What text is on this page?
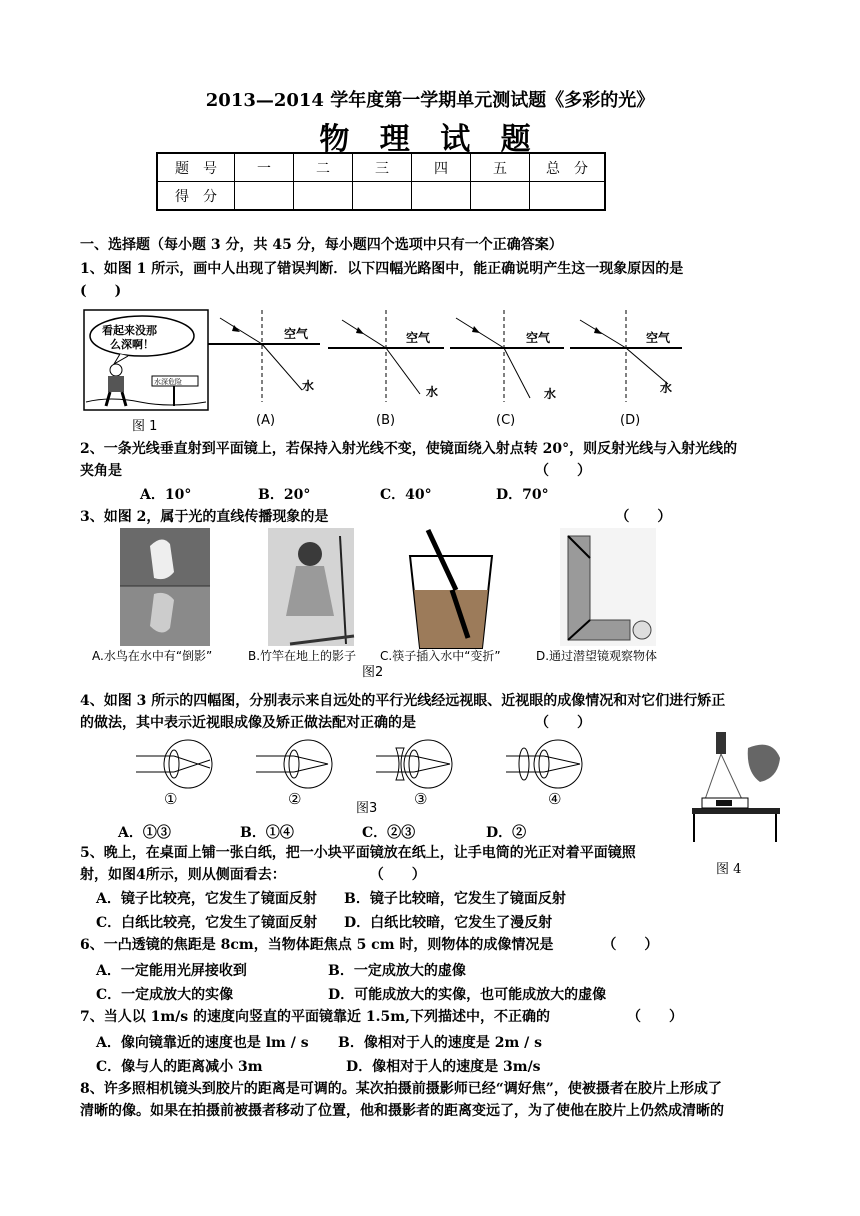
2013—2014 学年度第一学期单元测试题《多彩的光》
物 理 试 题
题　号	一	二	三	四	五	总　分
得　分						
一、选择题（每小题 3 分，共 45 分，每小题四个选项中只有一个正确答案）
1、如图 1 所示，画中人出现了错误判断．以下四幅光路图中，能正确说明产生这一现象原因的是
(　　)
看起来没那
么深啊！
水深危险
图 1
空气
水
(A)
空气
水
(B)
空气
水
(C)
空气
水
(D)
2、一条光线垂直射到平面镜上，若保持入射光线不变，使镜面绕入射点转 20°，则反射光线与入射光线的
夹角是　　　　　　　　　　　　　　　　　　　　　　　　　　　　　　（　　）
A．10°	B．20°	C．40°	D．70°
3、如图 2，属于光的直线传播现象的是　　　　　　　　　　　　　　　　　　　　　（　　）
A.水鸟在水中有“倒影”	B.竹竿在地上的影子 C.筷子插入水中“变折”	D.通过潜望镜观察物体
图2
4、如图 3 所示的四幅图，分别表示来自远处的平行光线经远视眼、近视眼的成像情况和对它们进行矫正
的做法，其中表示近视眼成像及矫正做法配对正确的是　　　　　　　　　（　　）
①	②	③	④
图3
A．①③	B．①④	C．②③	D．②
5、晚上，在桌面上铺一张白纸，把一小块平面镜放在纸上，让手电筒的光正对着平面镜照
图 4
射，如图4所示，则从侧面看去：　　　　　　　（　　）
A．镜子比较亮，它发生了镜面反射 B．镜子比较暗，它发生了镜面反射
C．白纸比较亮，它发生了镜面反射 D．白纸比较暗，它发生了漫反射
6、一凸透镜的焦距是 8cm，当物体距焦点 5 cm 时，则物体的成像情况是　　　　（　　）
A．一定能用光屏接收到	B．一定成放大的虚像
C．一定成放大的实像	D．可能成放大的实像，也可能成放大的虚像
7、当人以 1m/s 的速度向竖直的平面镜靠近 1.5m,下列描述中，不正确的　　　　　　（　　）
A．像向镜靠近的速度也是 lm / s B．像相对于人的速度是 2m / s
C．像与人的距离减小 3m	D．像相对于人的速度是 3m/s
8、许多照相机镜头到胶片的距离是可调的。某次拍摄前摄影师已经“调好焦”，使被摄者在胶片上形成了
清晰的像。如果在拍摄前被摄者移动了位置，他和摄影者的距离变远了，为了使他在胶片上仍然成清晰的
